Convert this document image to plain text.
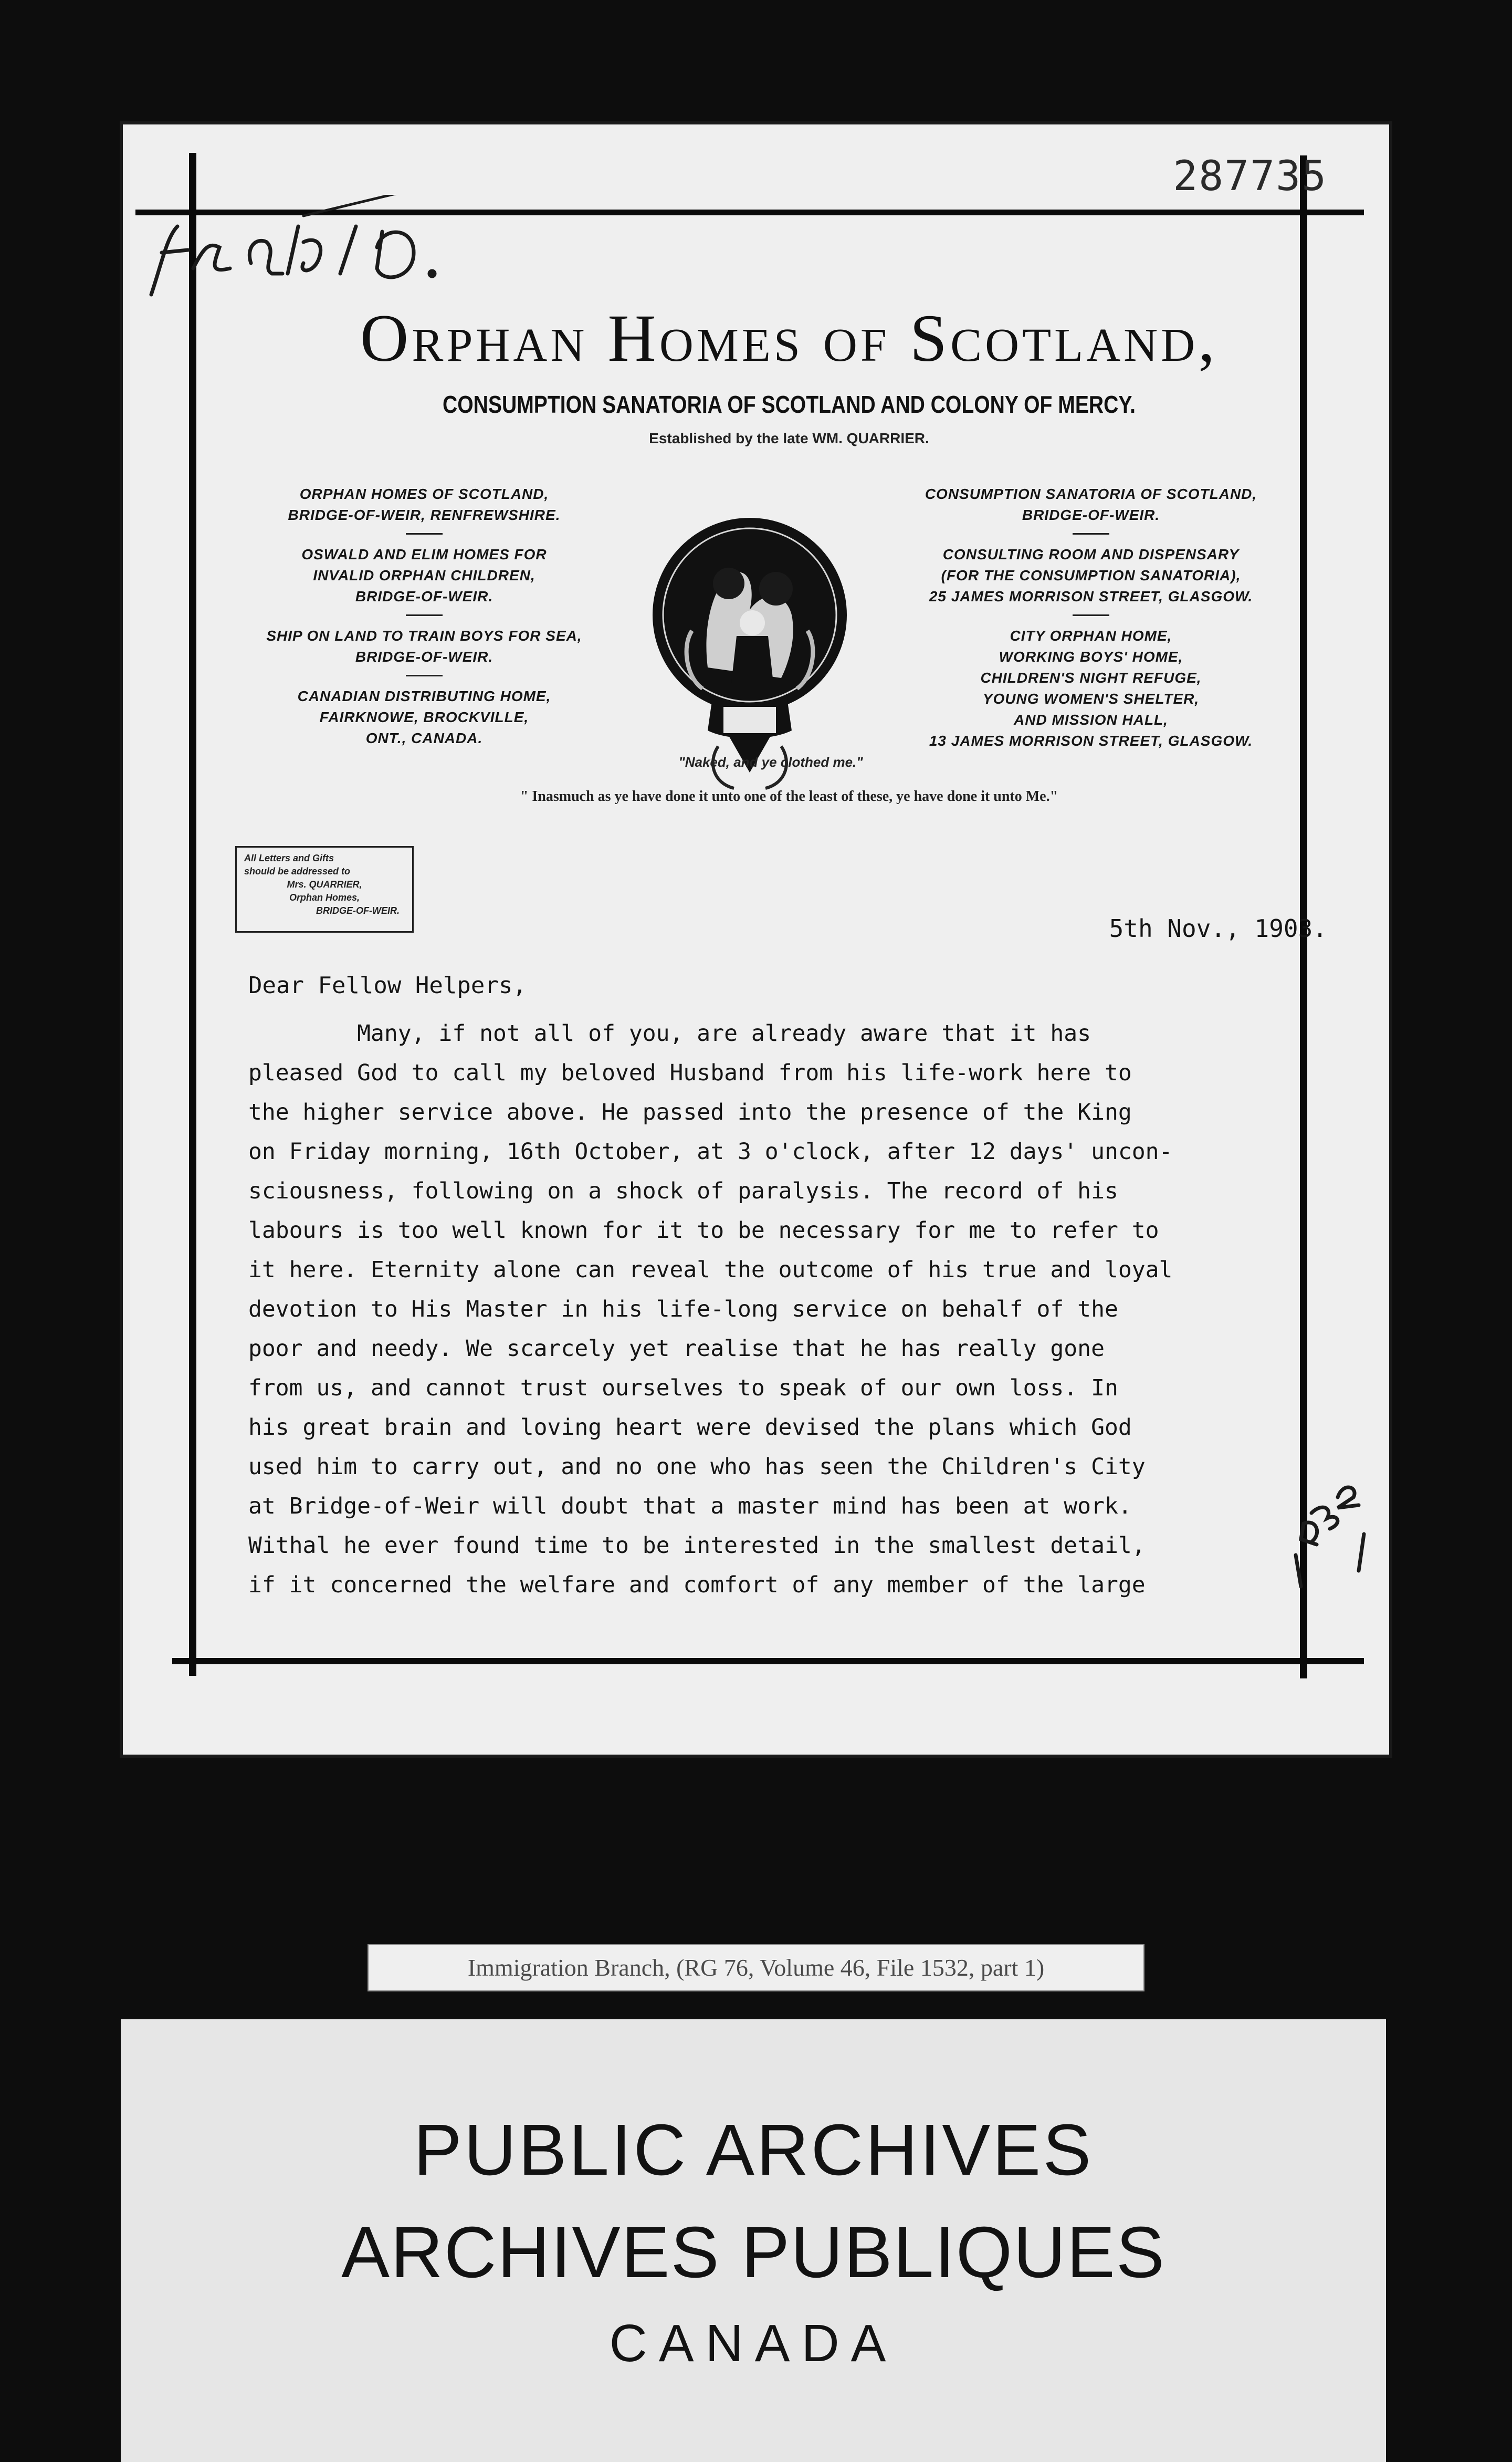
287735
Orphan Homes of Scotland,
CONSUMPTION SANATORIA OF SCOTLAND AND COLONY OF MERCY.
Established by the late WM. QUARRIER.
ORPHAN HOMES OF SCOTLAND,
BRIDGE-OF-WEIR, RENFREWSHIRE.
OSWALD AND ELIM HOMES FOR
INVALID ORPHAN CHILDREN,
BRIDGE-OF-WEIR.
SHIP ON LAND TO TRAIN BOYS FOR SEA,
BRIDGE-OF-WEIR.
CANADIAN DISTRIBUTING HOME,
FAIRKNOWE, BROCKVILLE,
ONT., CANADA.
CONSUMPTION SANATORIA OF SCOTLAND,
BRIDGE-OF-WEIR.
CONSULTING ROOM AND DISPENSARY
(FOR THE CONSUMPTION SANATORIA),
25 JAMES MORRISON STREET, GLASGOW.
CITY ORPHAN HOME,
WORKING BOYS' HOME,
CHILDREN'S NIGHT REFUGE,
YOUNG WOMEN'S SHELTER,
AND MISSION HALL,
13 JAMES MORRISON STREET, GLASGOW.
"Naked, and ye clothed me."
" Inasmuch as ye have done it unto one of the least of these, ye have done it unto Me."
All Letters and Gifts
should be addressed to
Mrs. QUARRIER,
Orphan Homes,
BRIDGE-OF-WEIR.
5th Nov., 1903.
Dear Fellow Helpers,
Many, if not all of you, are already aware that it has
pleased God to call my beloved Husband from his life-work here to
the higher service above. He passed into the presence of the King
on Friday morning, 16th October, at 3 o'clock, after 12 days' uncon-
sciousness, following on a shock of paralysis. The record of his
labours is too well known for it to be necessary for me to refer to
it here. Eternity alone can reveal the outcome of his true and loyal
devotion to His Master in his life-long service on behalf of the
poor and needy. We scarcely yet realise that he has really gone
from us, and cannot trust ourselves to speak of our own loss. In
his great brain and loving heart were devised the plans which God
used him to carry out, and no one who has seen the Children's City
at Bridge-of-Weir will doubt that a master mind has been at work.
Withal he ever found time to be interested in the smallest detail,
if it concerned the welfare and comfort of any member of the large
Immigration Branch, (RG 76, Volume 46, File 1532, part 1)
PUBLIC ARCHIVES
ARCHIVES PUBLIQUES
CANADA
